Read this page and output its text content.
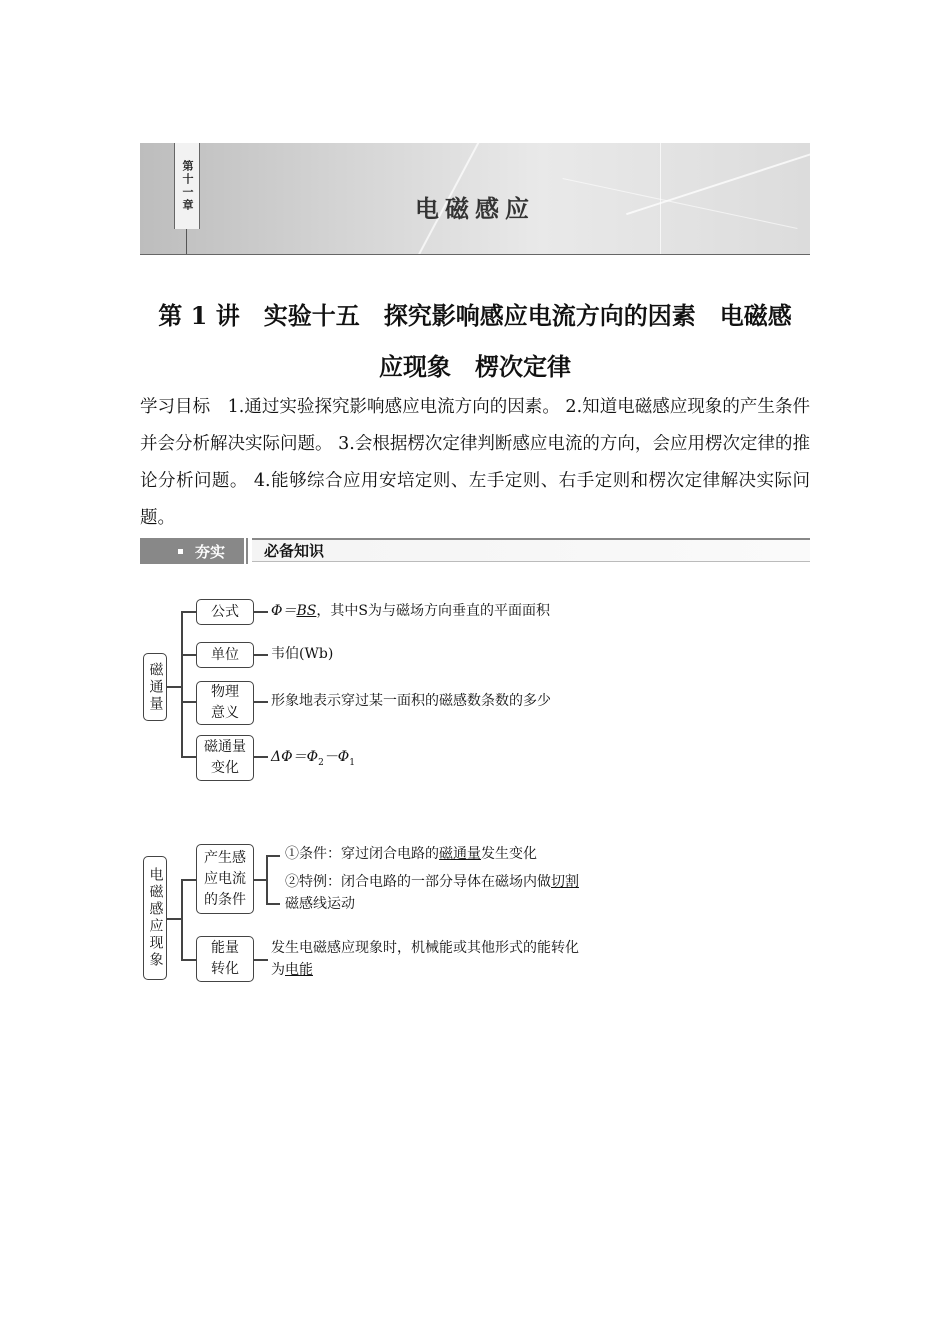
第十一章	电磁感应
第 1 讲　实验十五　探究影响感应电流方向的因素　电磁感
应现象　楞次定律
学习目标　1.通过实验探究影响感应电流方向的因素。 2.知道电磁感应现象的产生条件并会分析解决实际问题。 3.会根据楞次定律判断感应电流的方向，会应用楞次定律的推论分析问题。 4.能够综合应用安培定则、左手定则、右手定则和楞次定律解决实际问题。
夯实	必备知识
磁通量
公式
单位
物理意义
磁通量变化
Φ＝BS，其中S为与磁场方向垂直的平面面积
韦伯(Wb)
形象地表示穿过某一面积的磁感数条数的多少
$\Delta\Phi=\Phi_2-\Phi_1$
电磁感应现象
产生感应电流的条件
能量转化
①条件：穿过闭合电路的磁通量发生变化
②特例：闭合电路的一部分导体在磁场内做切割
磁感线运动
发生电磁感应现象时，机械能或其他形式的能转化
为电能
